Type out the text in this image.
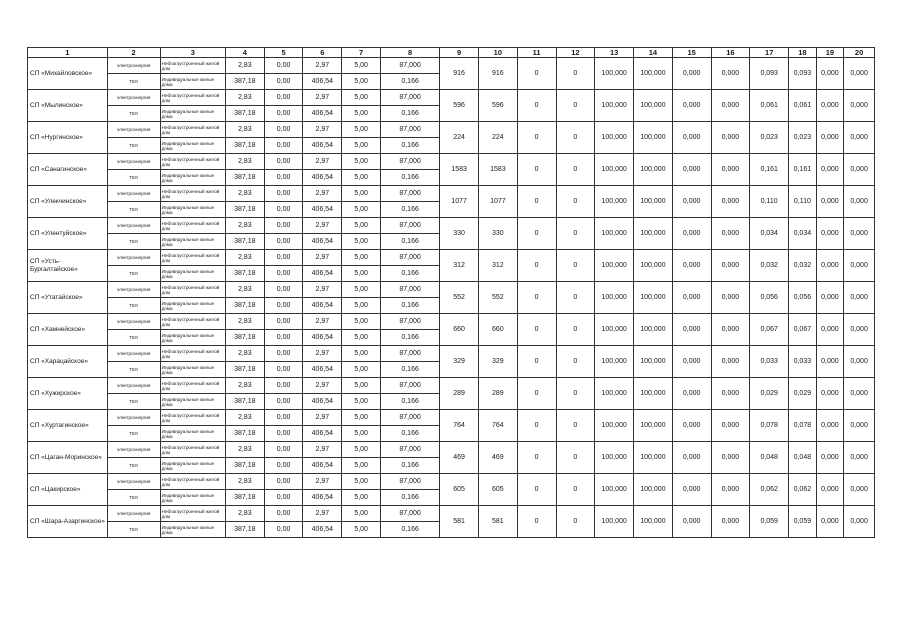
1	2	3	4	5	6	7	8	9	10	11	12	13	14	15	16	17	18	19	20
СП «Михайловское»	электроэнергия	Неблагоустроенный жилой дом	2,83	0,00	2,97	5,00	87,000	916	916	0	0	100,000	100,000	0,000	0,000	0,093	0,093	0,000	0,000
	ТКО	Индивидуальные жилые дома	387,18	0,00	406,54	5,00	0,166												
СП «Мылинское»	электроэнергия	Неблагоустроенный жилой дом	2,83	0,00	2,97	5,00	87,000	596	596	0	0	100,000	100,000	0,000	0,000	0,061	0,061	0,000	0,000
	ТКО	Индивидуальные жилые дома	387,18	0,00	406,54	5,00	0,166												
СП «Нургинское»	электроэнергия	Неблагоустроенный жилой дом	2,83	0,00	2,97	5,00	87,000	224	224	0	0	100,000	100,000	0,000	0,000	0,023	0,023	0,000	0,000
	ТКО	Индивидуальные жилые дома	387,18	0,00	406,54	5,00	0,166												
СП «Санагинское»	электроэнергия	Неблагоустроенный жилой дом	2,83	0,00	2,97	5,00	87,000	1583	1583	0	0	100,000	100,000	0,000	0,000	0,161	0,161	0,000	0,000
	ТКО	Индивидуальные жилые дома	387,18	0,00	406,54	5,00	0,166												
СП «Улекчинское»	электроэнергия	Неблагоустроенный жилой дом	2,83	0,00	2,97	5,00	87,000	1077	1077	0	0	100,000	100,000	0,000	0,000	0,110	0,110	0,000	0,000
	ТКО	Индивидуальные жилые дома	387,18	0,00	406,54	5,00	0,166												
СП «Улентуйское»	электроэнергия	Неблагоустроенный жилой дом	2,83	0,00	2,97	5,00	87,000	330	330	0	0	100,000	100,000	0,000	0,000	0,034	0,034	0,000	0,000
	ТКО	Индивидуальные жилые дома	387,18	0,00	406,54	5,00	0,166												
СП «Усть-Бургалтайское»	электроэнергия	Неблагоустроенный жилой дом	2,83	0,00	2,97	5,00	87,000	312	312	0	0	100,000	100,000	0,000	0,000	0,032	0,032	0,000	0,000
	ТКО	Индивидуальные жилые дома	387,18	0,00	406,54	5,00	0,166												
СП «Утатайское»	электроэнергия	Неблагоустроенный жилой дом	2,83	0,00	2,97	5,00	87,000	552	552	0	0	100,000	100,000	0,000	0,000	0,056	0,056	0,000	0,000
	ТКО	Индивидуальные жилые дома	387,18	0,00	406,54	5,00	0,166												
СП «Хамнейское»	электроэнергия	Неблагоустроенный жилой дом	2,83	0,00	2,97	5,00	87,000	660	660	0	0	100,000	100,000	0,000	0,000	0,067	0,067	0,000	0,000
	ТКО	Индивидуальные жилые дома	387,18	0,00	406,54	5,00	0,166												
СП «Харацайское»	электроэнергия	Неблагоустроенный жилой дом	2,83	0,00	2,97	5,00	87,000	329	329	0	0	100,000	100,000	0,000	0,000	0,033	0,033	0,000	0,000
	ТКО	Индивидуальные жилые дома	387,18	0,00	406,54	5,00	0,166												
СП «Хужирское»	электроэнергия	Неблагоустроенный жилой дом	2,83	0,00	2,97	5,00	87,000	289	289	0	0	100,000	100,000	0,000	0,000	0,029	0,029	0,000	0,000
	ТКО	Индивидуальные жилые дома	387,18	0,00	406,54	5,00	0,166												
СП «Хуртагинское»	электроэнергия	Неблагоустроенный жилой дом	2,83	0,00	2,97	5,00	87,000	764	764	0	0	100,000	100,000	0,000	0,000	0,078	0,078	0,000	0,000
	ТКО	Индивидуальные жилые дома	387,18	0,00	406,54	5,00	0,166												
СП «Цаган-Моринское»	электроэнергия	Неблагоустроенный жилой дом	2,83	0,00	2,97	5,00	87,000	469	469	0	0	100,000	100,000	0,000	0,000	0,048	0,048	0,000	0,000
	ТКО	Индивидуальные жилые дома	387,18	0,00	406,54	5,00	0,166												
СП «Цакирское»	электроэнергия	Неблагоустроенный жилой дом	2,83	0,00	2,97	5,00	87,000	605	605	0	0	100,000	100,000	0,000	0,000	0,062	0,062	0,000	0,000
	ТКО	Индивидуальные жилые дома	387,18	0,00	406,54	5,00	0,166												
СП «Шара-Азаргинское»	электроэнергия	Неблагоустроенный жилой дом	2,83	0,00	2,97	5,00	87,000	581	581	0	0	100,000	100,000	0,000	0,000	0,059	0,059	0,000	0,000
	ТКО	Индивидуальные жилые дома	387,18	0,00	406,54	5,00	0,166												
